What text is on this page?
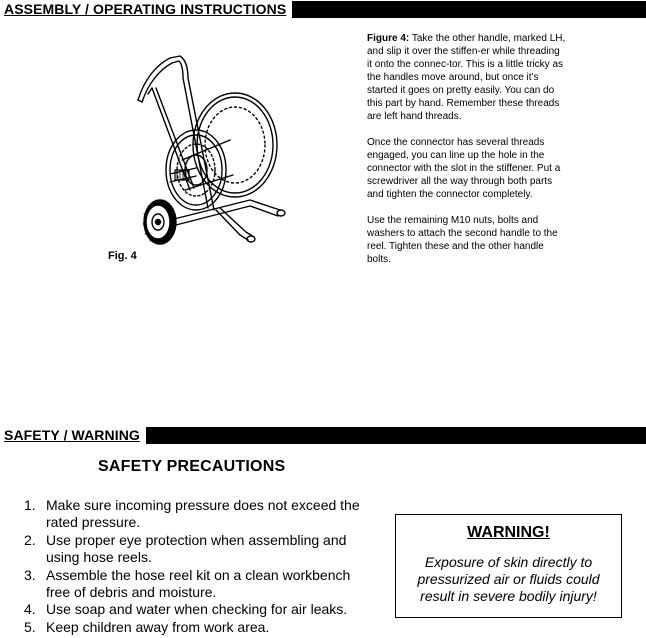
ASSEMBLY / OPERATING INSTRUCTIONS
Fig. 4

Figure 4: Take the other handle, marked LH, and slip it over the stiffen-er while threading it onto the connec-tor. This is a little tricky as the handles move around, but once it's started it goes on pretty easily. You can do this part by hand. Remember these threads are left hand threads.

Once the connector has several threads engaged, you can line up the hole in the connector with the slot in the stiffener. Put a screwdriver all the way through both parts and tighten the connector completely.

Use the remaining M10 nuts, bolts and washers to attach the second handle to the reel. Tighten these and the other handle bolts.

SAFETY / WARNING
SAFETY PRECAUTIONS
1. Make sure incoming pressure does not exceed the rated pressure.
2. Use proper eye protection when assembling and using hose reels.
3. Assemble the hose reel kit on a clean workbench free of debris and moisture.
4. Use soap and water when checking for air leaks.
5. Keep children away from work area.
WARNING!
Exposure of skin directly to pressurized air or fluids could result in severe bodily injury!
